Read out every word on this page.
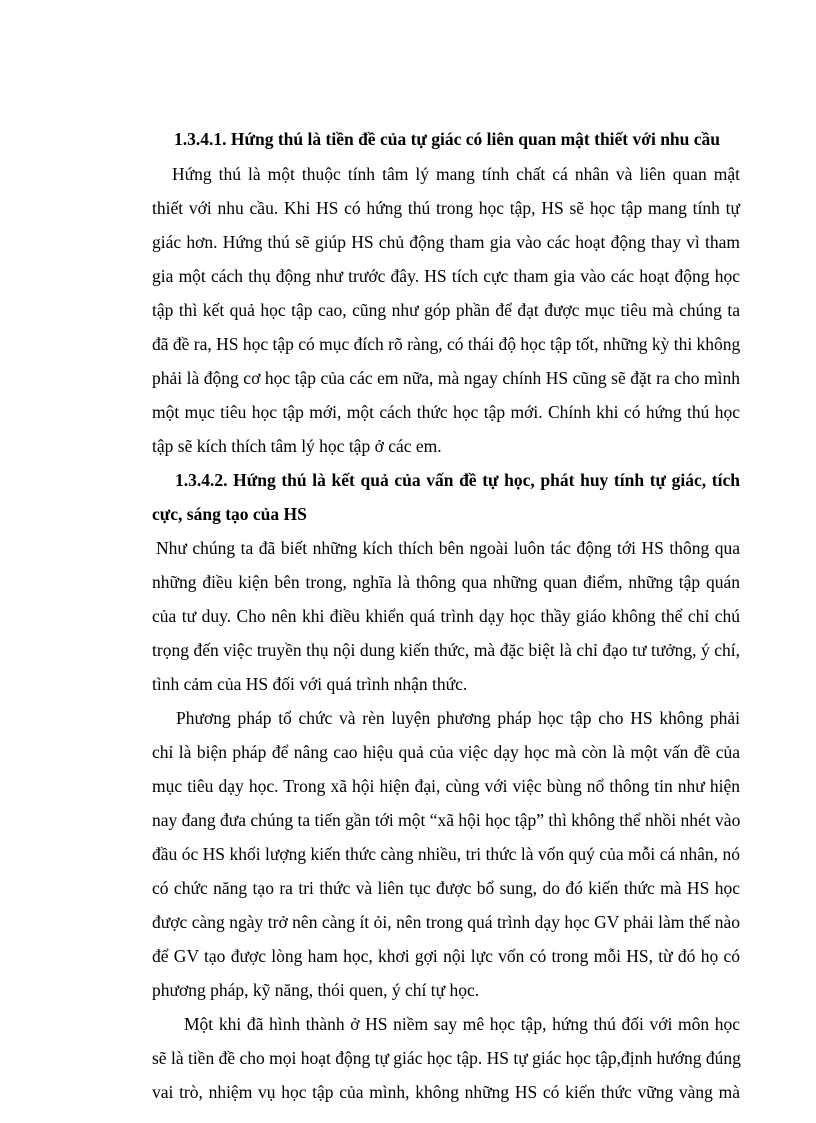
1.3.4.1. Hứng thú là tiền đề của tự giác có liên quan mật thiết với nhu cầu
Hứng thú là một thuộc tính tâm lý mang tính chất cá nhân và liên quan mật
thiết với nhu cầu. Khi HS có hứng thú trong học tập, HS sẽ học tập mang tính tự
giác hơn. Hứng thú sẽ giúp HS chủ động tham gia vào các hoạt động thay vì tham
gia một cách thụ động như trước đây. HS tích cực tham gia vào các hoạt động học
tập thì kết quả học tập cao, cũng như góp phần để đạt được mục tiêu mà chúng ta
đã đề ra, HS học tập có mục đích rõ ràng, có thái độ học tập tốt, những kỳ thi không
phải là động cơ học tập của các em nữa, mà ngay chính HS cũng sẽ đặt ra cho mình
một mục tiêu học tập mới, một cách thức học tập mới. Chính khi có hứng thú học
tập sẽ kích thích tâm lý học tập ở các em.
1.3.4.2. Hứng thú là kết quả của vấn đề tự học, phát huy tính tự giác, tích
cực, sáng tạo của HS
Như chúng ta đã biết những kích thích bên ngoài luôn tác động tới HS thông qua
những điều kiện bên trong, nghĩa là thông qua những quan điểm, những tập quán
của tư duy. Cho nên khi điều khiển quá trình dạy học thầy giáo không thể chỉ chú
trọng đến việc truyền thụ nội dung kiến thức, mà đặc biệt là chỉ đạo tư tưởng, ý chí,
tình cảm của HS đối với quá trình nhận thức.
Phương pháp tổ chức và rèn luyện phương pháp học tập cho HS không phải
chỉ là biện pháp để nâng cao hiệu quả của việc dạy học mà còn là một vấn đề của
mục tiêu dạy học. Trong xã hội hiện đại, cùng với việc bùng nổ thông tin như hiện
nay đang đưa chúng ta tiến gần tới một “xã hội học tập” thì không thể nhồi nhét vào
đầu óc HS khối lượng kiến thức càng nhiều, tri thức là vốn quý của mỗi cá nhân, nó
có chức năng tạo ra tri thức và liên tục được bổ sung, do đó kiến thức mà HS học
được càng ngày trở nên càng ít ỏi, nên trong quá trình dạy học GV phải làm thế nào
để GV tạo được lòng ham học, khơi gợi nội lực vốn có trong mỗi HS, từ đó họ có
phương pháp, kỹ năng, thói quen, ý chí tự học.
Một khi đã hình thành ở HS niềm say mê học tập, hứng thú đối với môn học
sẽ là tiền đề cho mọi hoạt động tự giác học tập. HS tự giác học tập,định hướng đúng
vai trò, nhiệm vụ học tập của mình, không những HS có kiến thức vững vàng mà
